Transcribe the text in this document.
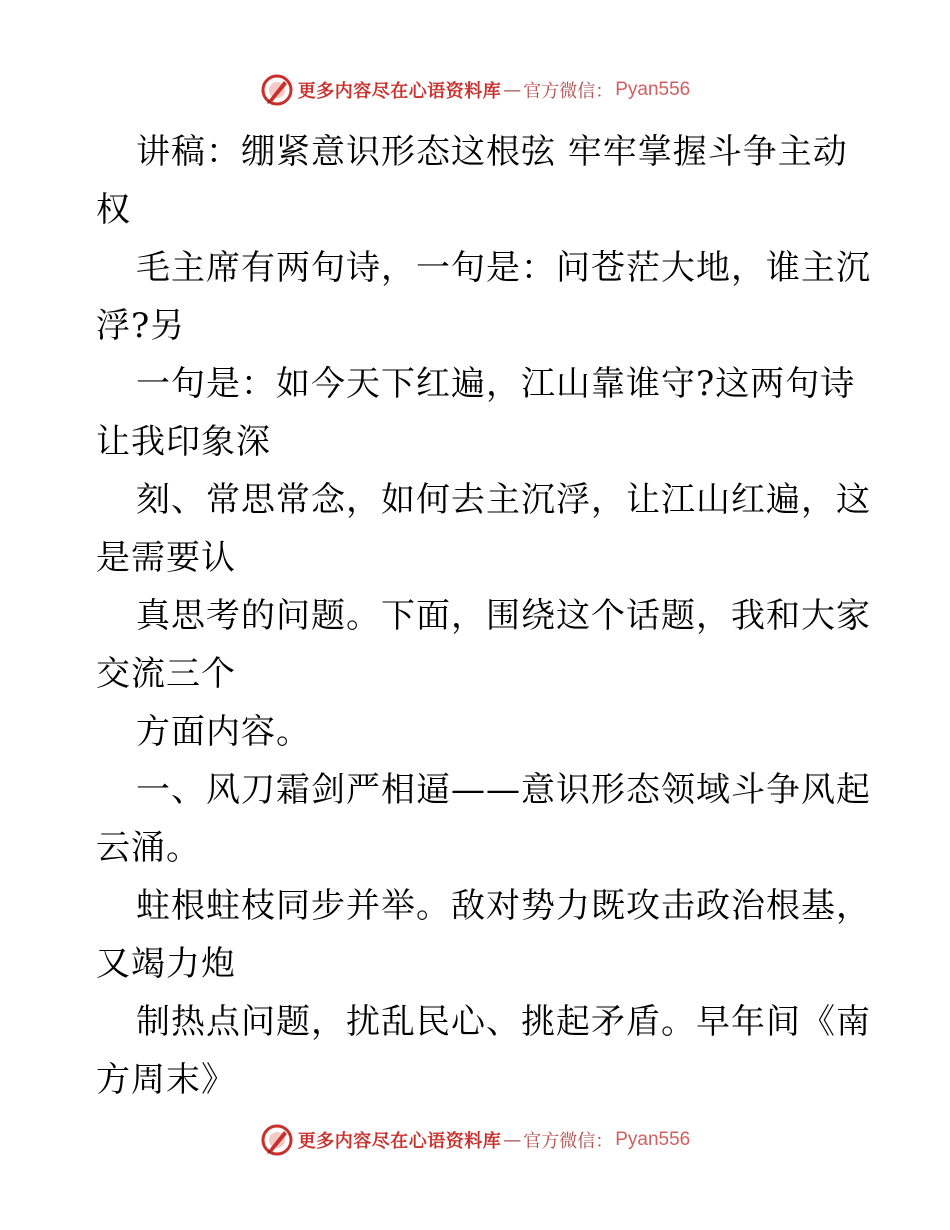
更多内容尽在心语资料库 — 官方微信： Pyan556
讲稿：绷紧意识形态这根弦 牢牢掌握斗争主动
权
毛主席有两句诗，一句是：问苍茫大地，谁主沉
浮?另
一句是：如今天下红遍，江山靠谁守?这两句诗
让我印象深
刻、常思常念，如何去主沉浮，让江山红遍，这
是需要认
真思考的问题。下面，围绕这个话题，我和大家
交流三个
方面内容。
一、风刀霜剑严相逼——意识形态领域斗争风起
云涌。
蛀根蛀枝同步并举。敌对势力既攻击政治根基，
又竭力炮
制热点问题，扰乱民心、挑起矛盾。早年间《南
方周末》
更多内容尽在心语资料库 — 官方微信： Pyan556
